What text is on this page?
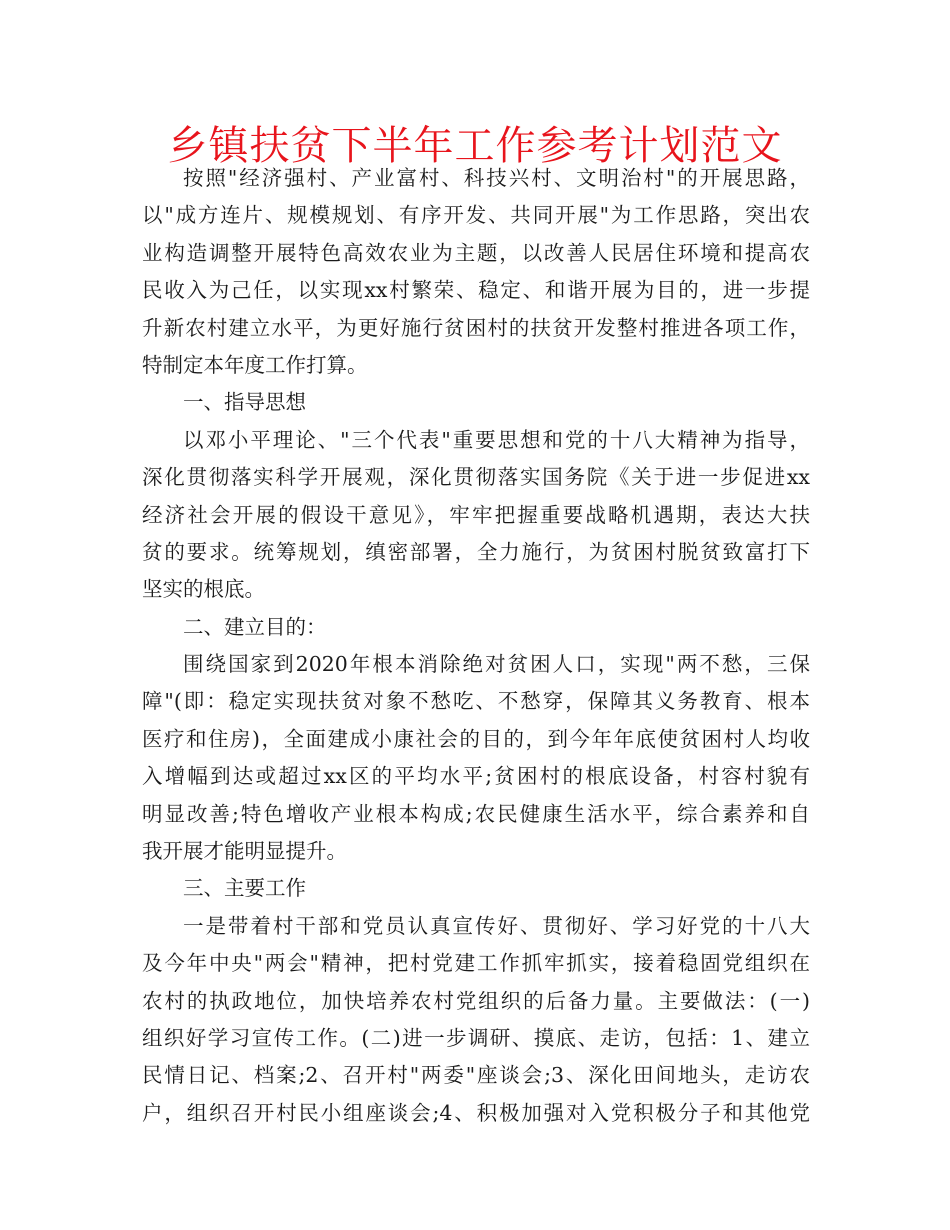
乡镇扶贫下半年工作参考计划范文
按照"经济强村、产业富村、科技兴村、文明治村"的开展思路，
以"成方连片、规模规划、有序开发、共同开展"为工作思路，突出农
业构造调整开展特色高效农业为主题，以改善人民居住环境和提高农
民收入为己任，以实现xx村繁荣、稳定、和谐开展为目的，进一步提
升新农村建立水平，为更好施行贫困村的扶贫开发整村推进各项工作，
特制定本年度工作打算。
一、指导思想
以邓小平理论、"三个代表"重要思想和党的十八大精神为指导，
深化贯彻落实科学开展观，深化贯彻落实国务院《关于进一步促进xx
经济社会开展的假设干意见》，牢牢把握重要战略机遇期，表达大扶
贫的要求。统筹规划，缜密部署，全力施行，为贫困村脱贫致富打下
坚实的根底。
二、建立目的：
围绕国家到2020年根本消除绝对贫困人口，实现"两不愁，三保
障"(即：稳定实现扶贫对象不愁吃、不愁穿，保障其义务教育、根本
医疗和住房)，全面建成小康社会的目的，到今年年底使贫困村人均收
入增幅到达或超过xx区的平均水平;贫困村的根底设备，村容村貌有
明显改善;特色增收产业根本构成;农民健康生活水平，综合素养和自
我开展才能明显提升。
三、主要工作
一是带着村干部和党员认真宣传好、贯彻好、学习好党的十八大
及今年中央"两会"精神，把村党建工作抓牢抓实，接着稳固党组织在
农村的执政地位，加快培养农村党组织的后备力量。主要做法：(一)
组织好学习宣传工作。(二)进一步调研、摸底、走访，包括：1、建立
民情日记、档案;2、召开村"两委"座谈会;3、深化田间地头，走访农
户，组织召开村民小组座谈会;4、积极加强对入党积极分子和其他党
